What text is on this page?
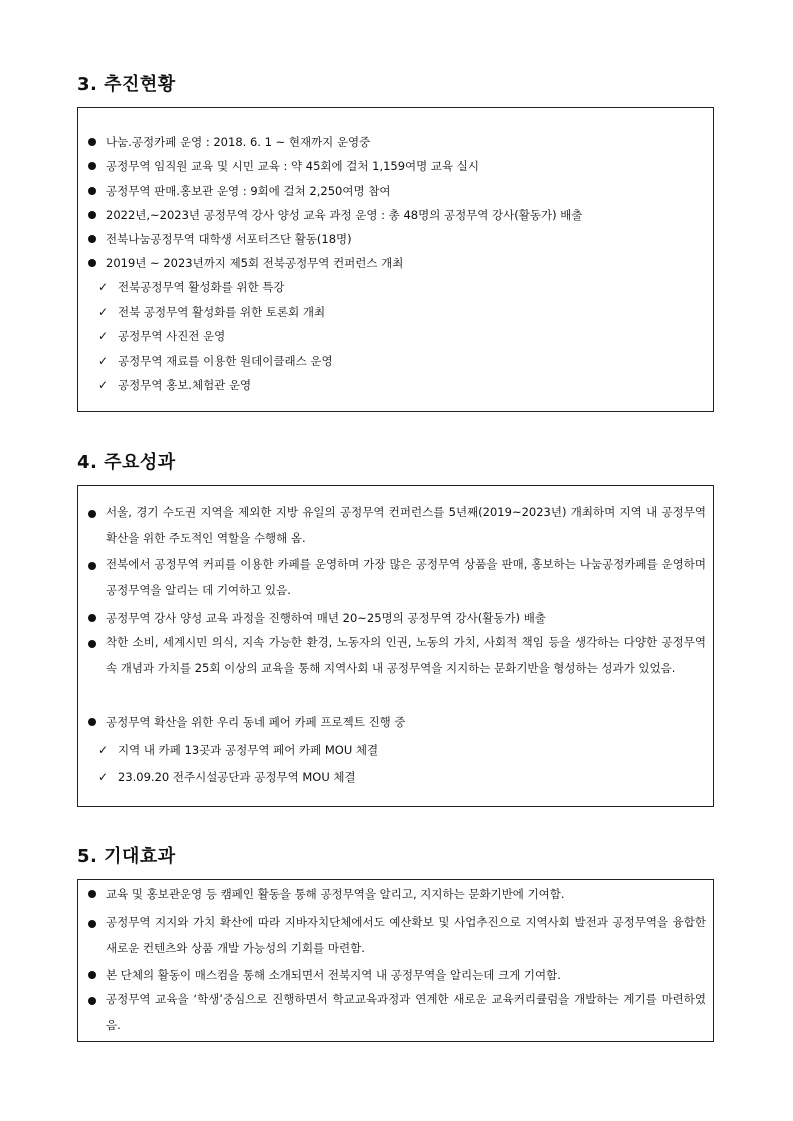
3. 추진현황
나눔.공정카페 운영 : 2018. 6. 1 ~ 현재까지 운영중
공정무역 임직원 교육 및 시민 교육 : 약 45회에 걸처 1,159여명 교육 실시
공정무역 판매.홍보관 운영 : 9회에 걸쳐 2,250여명 참여
2022년,~2023년 공정무역 강사 양성 교육 과정 운영 : 총 48명의 공정무역 강사(활동가) 배출
전북나눔공정무역 대학생 서포터즈단 활동(18명)
2019년 ~ 2023년까지 제5회 전북공정무역 컨퍼런스 개최
✓ 전북공정무역 활성화를 위한 특강
✓ 전북 공정무역 활성화를 위한 토론회 개최
✓ 공정무역 사진전 운영
✓ 공정무역 재료를 이용한 원데이클래스 운영
✓ 공정무역 홍보.체험관 운영
4. 주요성과
서울, 경기 수도권 지역을 제외한 지방 유일의 공정무역 컨퍼런스를 5년째(2019~2023년) 개최하며 지역 내 공정무역 확산을 위한 주도적인 역할을 수행해 옴.
전북에서 공정무역 커피를 이용한 카페를 운영하며 가장 많은 공정무역 상품을 판매, 홍보하는 나눔공정카페를 운영하며 공정무역을 알리는 데 기여하고 있음.
공정무역 강사 양성 교육 과정을 진행하여 매년 20~25명의 공정무역 강사(활동가) 배출
착한 소비, 세계시민 의식, 지속 가능한 환경, 노동자의 인권, 노동의 가치, 사회적 책임 등을 생각하는 다양한 공정무역 속 개념과 가치를 25회 이상의 교육을 통해 지역사회 내 공정무역을 지지하는 문화기반을 형성하는 성과가 있었음.
공정무역 확산을 위한 우리 동네 페어 카페 프로젝트 진행 중
✓ 지역 내 카페 13곳과 공정무역 페어 카페 MOU 체결
✓ 23.09.20 전주시설공단과 공정무역 MOU 체결
5. 기대효과
교육 및 홍보관운영 등 캠페인 활동을 통해 공정무역을 알리고, 지지하는 문화기반에 기여함.
공정무역 지지와 가치 확산에 따라 지바자치단체에서도 예산확보 및 사업추진으로 지역사회 발전과 공정무역을 융합한 새로운 컨텐츠와 상품 개발 가능성의 기회를 마련함.
본 단체의 활동이 매스컴을 통해 소개되면서 전북지역 내 공정무역을 알리는데 크게 기여함.
공정무역 교육을 ‘학생’중심으로 진행하면서 학교교육과정과 연계한 새로운 교육커리큘럼을 개발하는 계기를 마련하였음.
